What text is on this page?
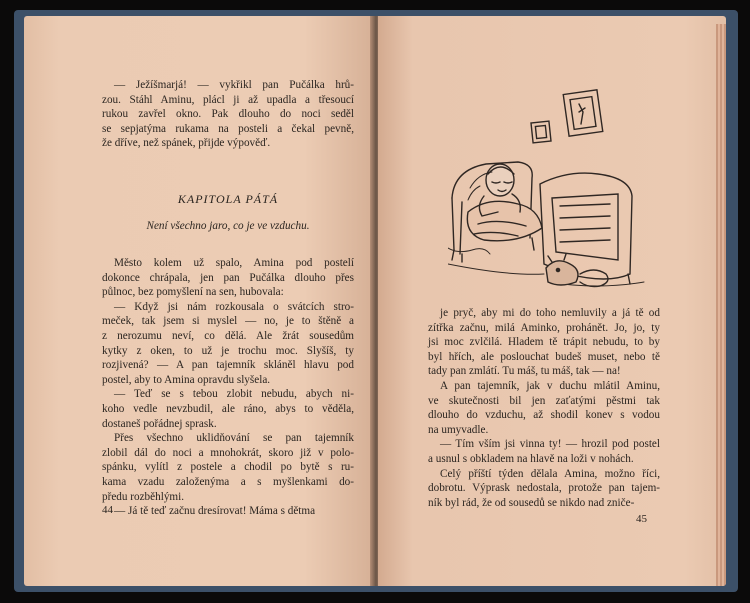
— Ježíšmarjá! — vykřikl pan Pučálka hrů-
zou. Stáhl Aminu, plácl ji až upadla a třesoucí
rukou zavřel okno. Pak dlouho do noci seděl
se sepjatýma rukama na posteli a čekal pevně,
že dříve, než spánek, přijde výpověď.
KAPITOLA PÁTÁ
Není všechno jaro, co je ve vzduchu.
Město kolem už spalo, Amina pod postelí
dokonce chrápala, jen pan Pučálka dlouho přes
půlnoc, bez pomyšlení na sen, hubovala:
— Když jsi nám rozkousala o svátcích stro-
meček, tak jsem si myslel — no, je to štěně a
z nerozumu neví, co dělá. Ale žrát sousedům
kytky z oken, to už je trochu moc. Slyšíš, ty
rozjivená? — A pan tajemník skláněl hlavu pod
postel, aby to Amina opravdu slyšela.
— Teď se s tebou zlobit nebudu, abych ni-
koho vedle nevzbudil, ale ráno, abys to věděla,
dostaneš pořádnej sprask.
Přes všechno uklidňování se pan tajemník
zlobil dál do noci a mnohokrát, skoro již v polo-
spánku, vylítl z postele a chodil po bytě s ru-
kama vzadu založenýma a s myšlenkami do-
předu rozběhlými.
— Já tě teď začnu dresírovat! Máma s dětma
44
je pryč, aby mi do toho nemluvily a já tě od
zítřka začnu, milá Aminko, prohánět. Jo, jo, ty
jsi moc zvlčilá. Hladem tě trápit nebudu, to by
byl hřích, ale poslouchat budeš muset, nebo tě
tady pan zmlátí. Tu máš, tu máš, tak — na!
A pan tajemník, jak v duchu mlátil Aminu,
ve skutečnosti bil jen zaťatými pěstmi tak
dlouho do vzduchu, až shodil konev s vodou
na umyvadle.
— Tím vším jsi vinna ty! — hrozil pod postel
a usnul s obkladem na hlavě na loži v nohách.
Celý příští týden dělala Amina, možno říci,
dobrotu. Výprask nedostala, protože pan tajem-
ník byl rád, že od sousedů se nikdo nad zniče-
45
